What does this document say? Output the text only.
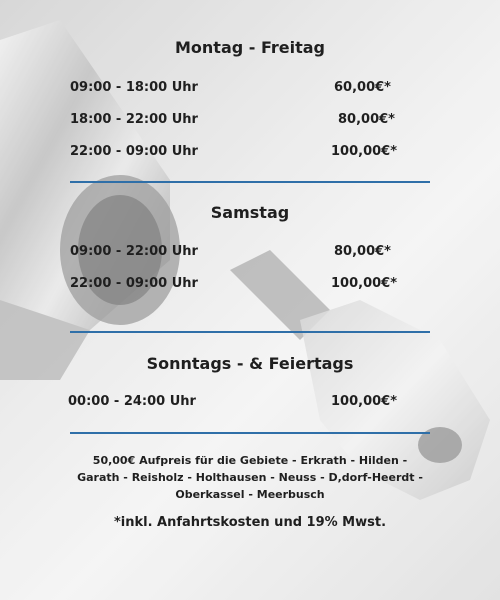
Montag - Freitag
09:00 - 18:00 Uhr	60,00€*
18:00 - 22:00 Uhr	80,00€*
22:00 - 09:00 Uhr	100,00€*
Samstag
09:00 - 22:00 Uhr	80,00€*
22:00 - 09:00 Uhr	100,00€*
Sonntags - & Feiertags
00:00 - 24:00 Uhr	100,00€*
50,00€ Aufpreis für die Gebiete - Erkrath - Hilden -
Garath - Reisholz - Holthausen - Neuss - D,dorf-Heerdt -
Oberkassel - Meerbusch
*inkl. Anfahrtskosten und 19% Mwst.
